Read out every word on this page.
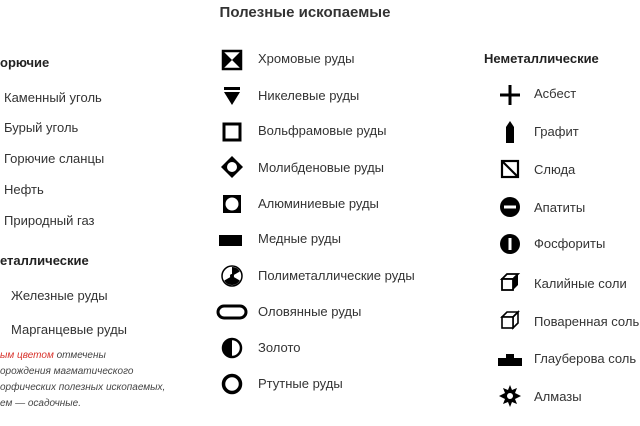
Полезные ископаемые
орючие
Каменный уголь
Бурый уголь
Горючие сланцы
Нефть
Природный газ
еталлические
Железные руды
Марганцевые руды
ым цветом отмечены
орождения магматического
орфических полезных ископаемых,
ем — осадочные.
Хромовые руды
Никелевые руды
Вольфрамовые руды
Молибденовые руды
Алюминиевые руды
Медные руды
Полиметаллические руды
Оловянные руды
Золото
Ртутные руды
Неметаллические
Асбест
Графит
Слюда
Апатиты
Фосфориты
Калийные соли
Поваренная соль
Глауберова соль
Алмазы
